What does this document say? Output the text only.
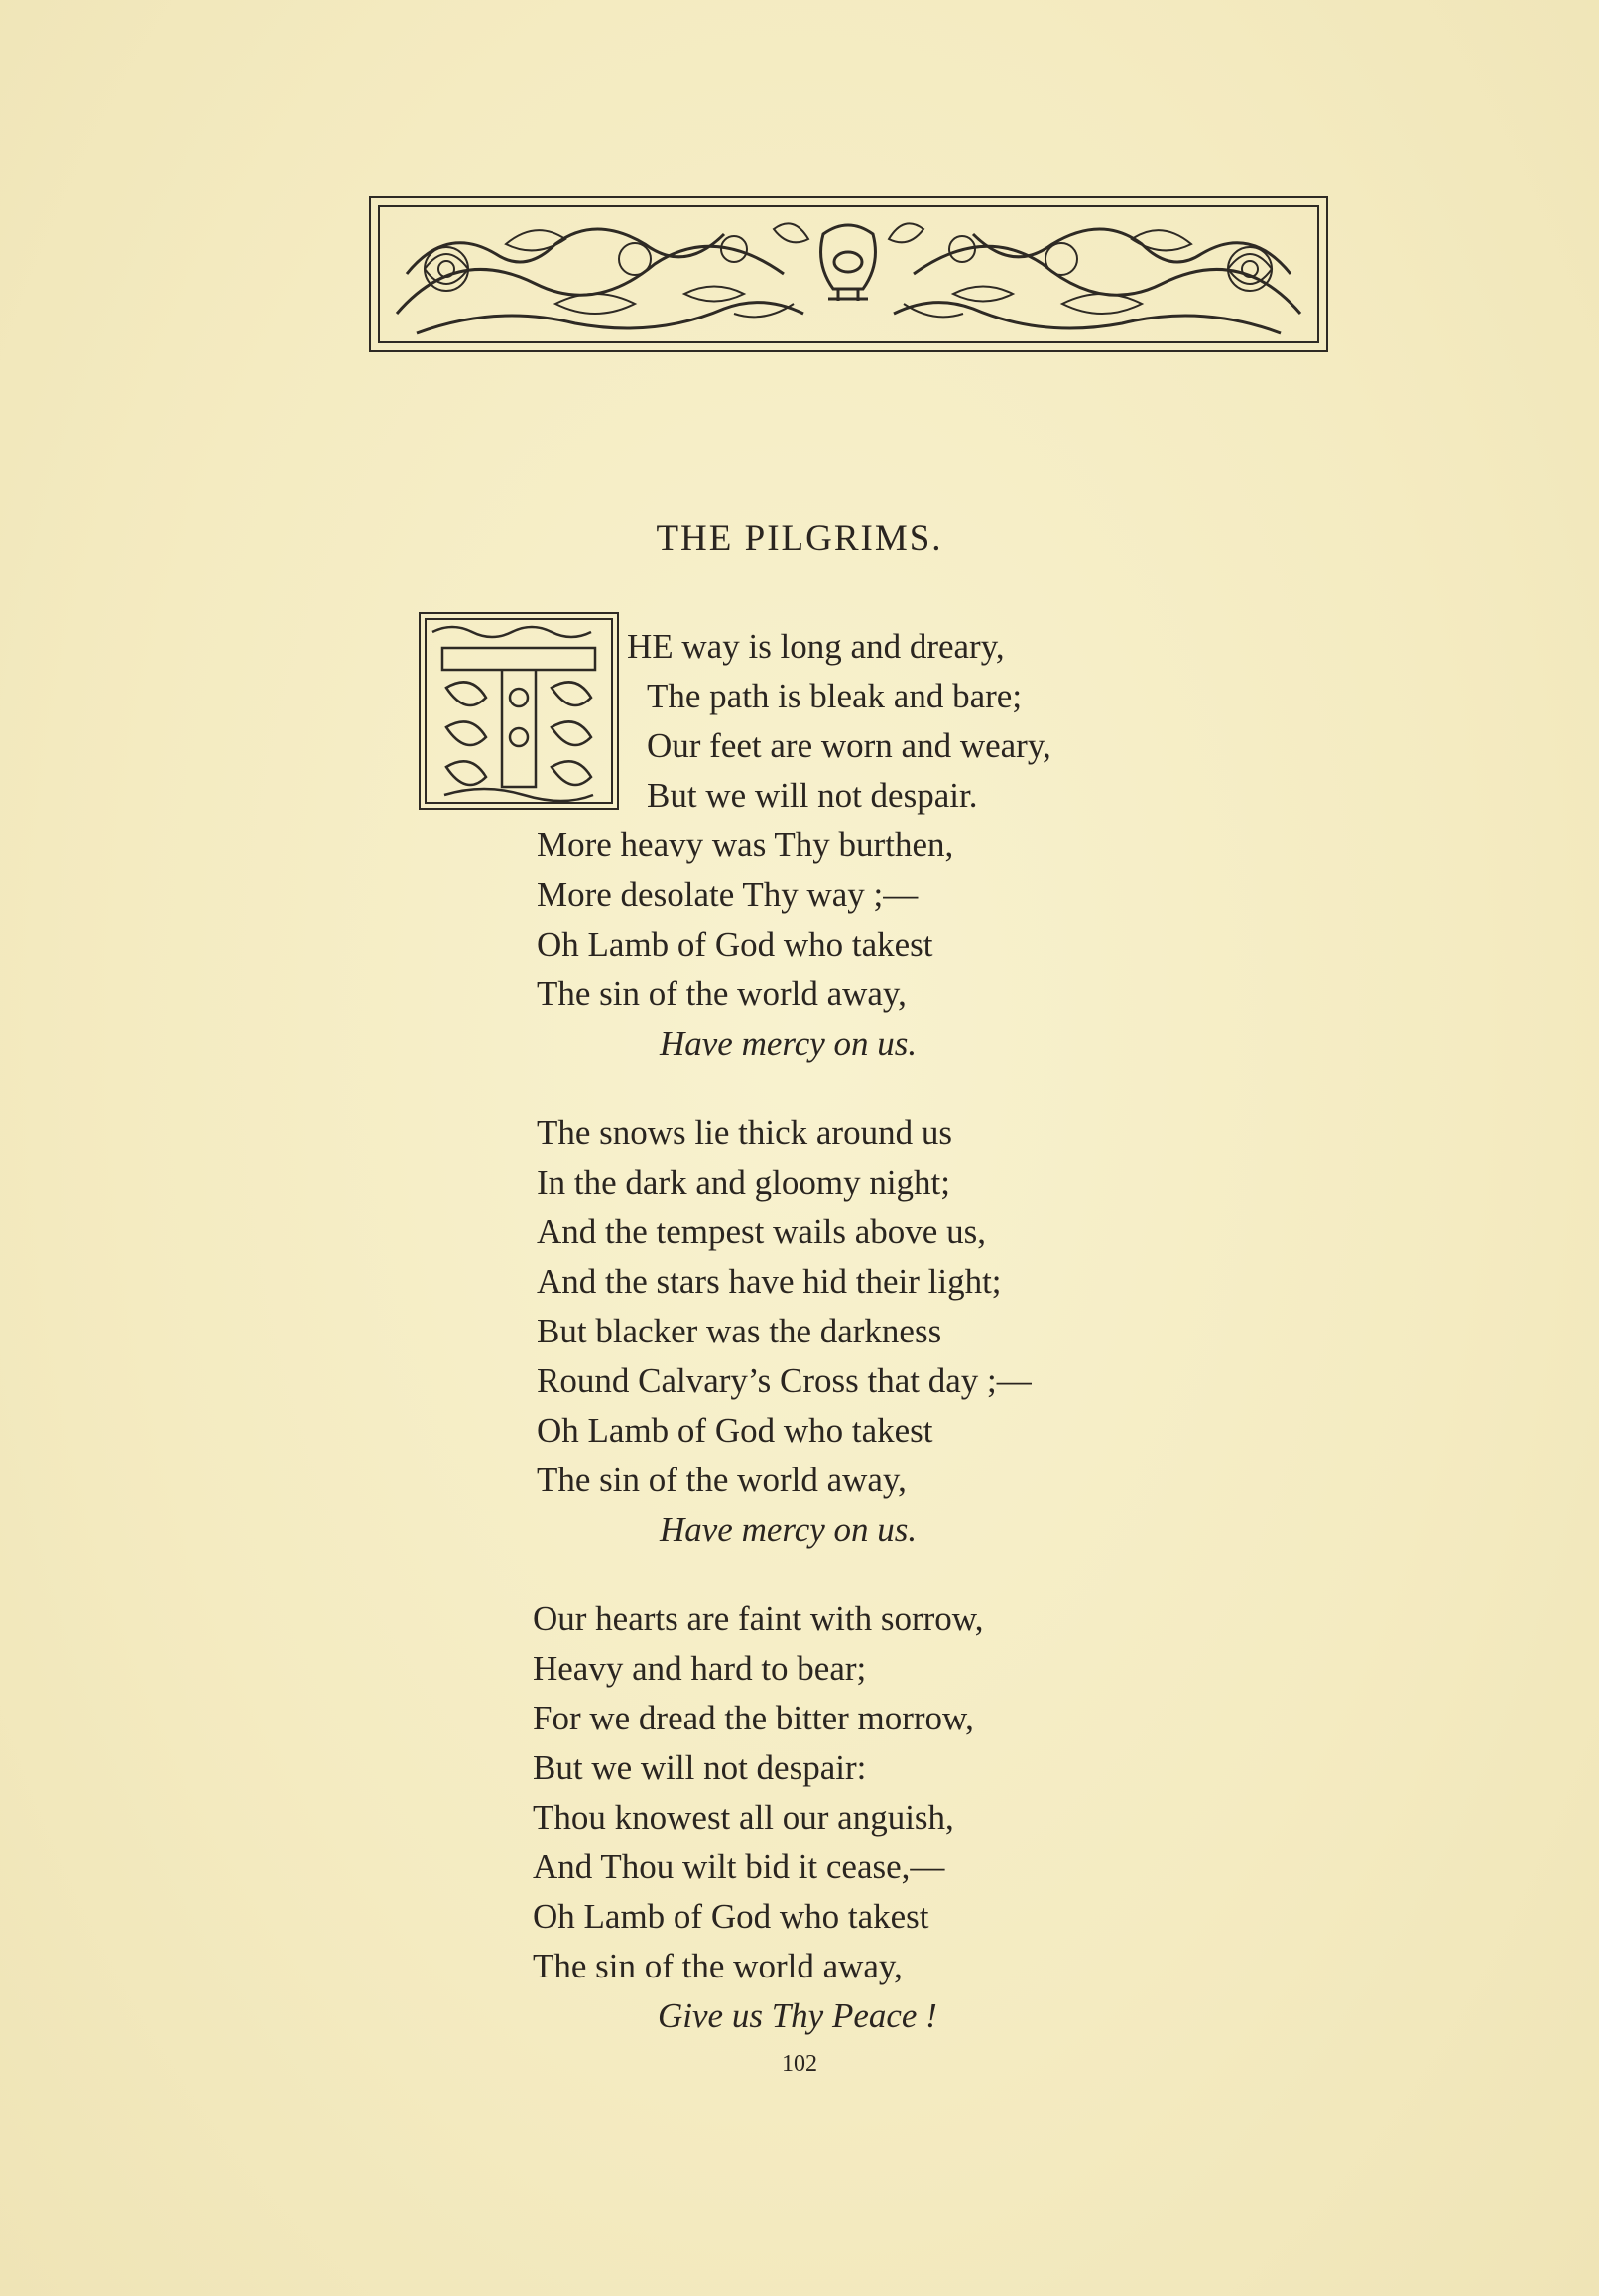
THE PILGRIMS.
HE way is long and dreary,
The path is bleak and bare;
Our feet are worn and weary,
But we will not despair.
More heavy was Thy burthen,
More desolate Thy way ;—
Oh Lamb of God who takest
The sin of the world away,
Have mercy on us.
The snows lie thick around us
In the dark and gloomy night;
And the tempest wails above us,
And the stars have hid their light;
But blacker was the darkness
Round Calvary’s Cross that day ;—
Oh Lamb of God who takest
The sin of the world away,
Have mercy on us.
Our hearts are faint with sorrow,
Heavy and hard to bear;
For we dread the bitter morrow,
But we will not despair:
Thou knowest all our anguish,
And Thou wilt bid it cease,—
Oh Lamb of God who takest
The sin of the world away,
Give us Thy Peace !
102
